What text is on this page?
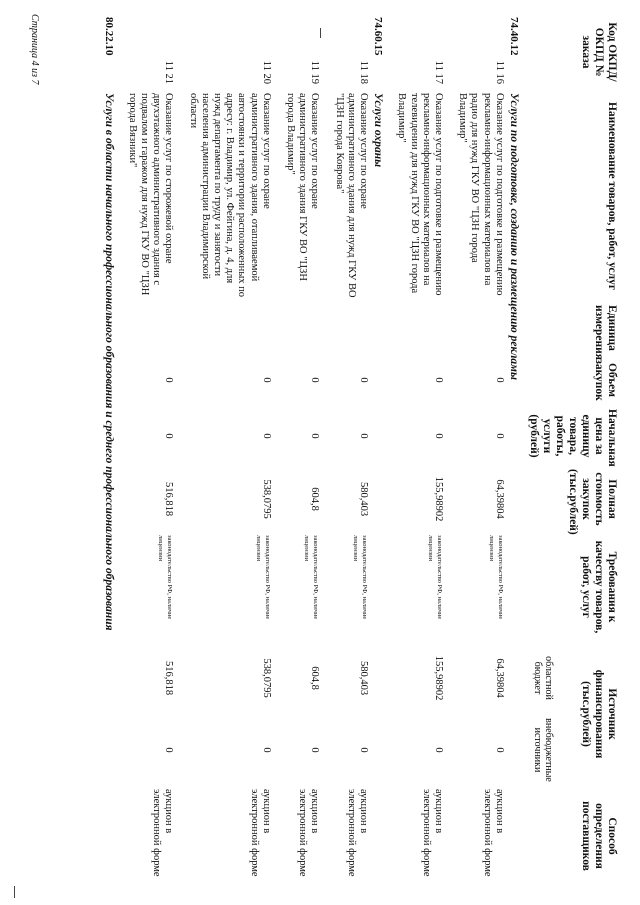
Код ОКПД/ ОКПД № заказа	Наименование товаров, работ, услуг	Единица измерения	Объем закупок	Начальная цена за единицу товара, работы, услуги (рублей)	Полная стоимость закупок (тыс.рублей)	Требования к качеству товаров, работ, услуг	Источник финансирования (тыс.рублей)		Способ определения поставщиков
							областной бюджет	внебюджетные источники	
74.40.12	Услуги по подготовке, созданию и размещению рекламы								
11 16	Оказание услуг по подготовке и размещению рекламно-информационных материалов на радио для нужд ГКУ ВО "ЦЗН города Владимир"		0	0	64,39804	законодательство РФ, наличие лицензии	64,39804	0	аукцион в электронной форме
11 17	Оказание услуг по подготовке и размещению рекламно-информационных материалов на телевидении для нужд ГКУ ВО "ЦЗН города Владимир"		0	0	155,98902	законодательство РФ, наличие лицензии	155,98902	0	аукцион в электронной форме
74.60.15	Услуги охраны								
11 18	Оказание услуг по охране административного здания для нужд ГКУ ВО "ЦЗН города Коврова"		0	0	580,403	законодательство РФ, наличие лицензии	580,403	0	аукцион в электронной форме
11 19	Оказание услуг по охране административного здания ГКУ ВО "ЦЗН города Владимир"		0	0	604,8	законодательство РФ, наличие лицензии	604,8	0	аукцион в электронной форме
11 20	Оказание услуг по охране административного здания, отапливаемой автостоянки и территории расположенных по адресу: г. Владимир, ул. Фейгина, д. 4, для нужд департамента по труду и занятости населения администрации Владимирской области		0	0	538,0795	законодательство РФ, наличие лицензии	538,0795	0	аукцион в электронной форме
11 21	Оказание услуг по сторожевой охране двухэтажного административного здания с подвалом и гаражом для нужд ГКУ ВО "ЦЗН города Вязники"		0	0	516,818	законодательство РФ, наличие лицензии	516,818	0	аукцион в электронной форме
80.22.10	Услуги в области начального профессионального образования и среднего профессионального образования								
Страница 4 из 7
